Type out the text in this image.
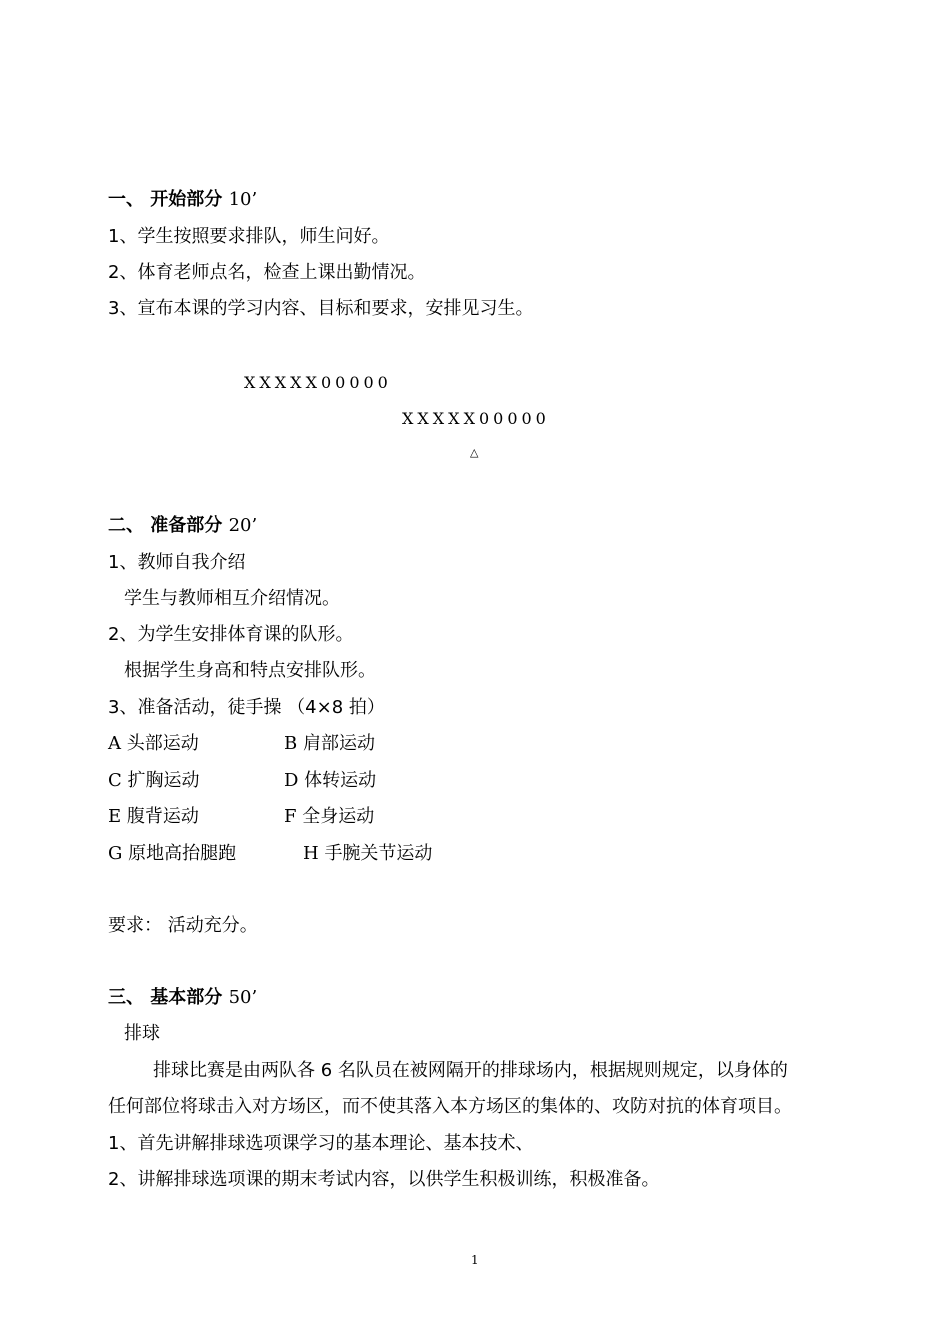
一、 开始部分 10’
1、学生按照要求排队，师生问好。
2、体育老师点名，检查上课出勤情况。
3、宣布本课的学习内容、目标和要求，安排见习生。
XXXXX00000
XXXXX00000
△
二、 准备部分 20’
1、教师自我介绍
学生与教师相互介绍情况。
2、为学生安排体育课的队形。
根据学生身高和特点安排队形。
3、准备活动，徒手操 （4×8 拍）
A 头部运动	B 肩部运动
C 扩胸运动	D 体转运动
E 腹背运动	F 全身运动
G 原地高抬腿跑	H 手腕关节运动
要求： 活动充分。
三、 基本部分 50’
排球
排球比赛是由两队各 6 名队员在被网隔开的排球场内，根据规则规定，以身体的
任何部位将球击入对方场区，而不使其落入本方场区的集体的、攻防对抗的体育项目。
1、首先讲解排球选项课学习的基本理论、基本技术、
2、讲解排球选项课的期末考试内容，以供学生积极训练，积极准备。
1
